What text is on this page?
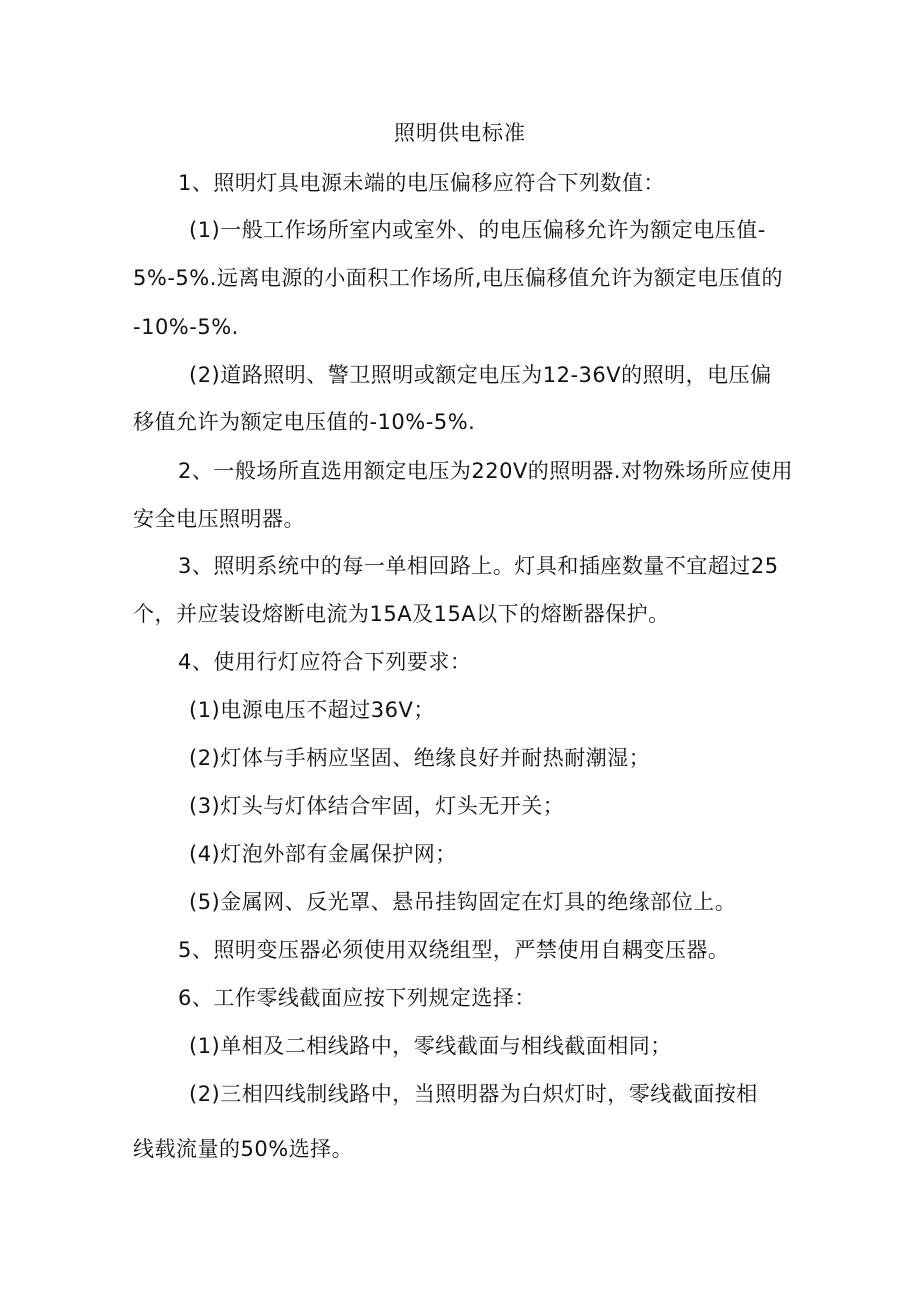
照明供电标准
1、照明灯具电源未端的电压偏移应符合下列数值：
(1)一般工作场所室内或室外、的电压偏移允许为额定电压值-
5%-5%.远离电源的小面积工作场所,电压偏移值允许为额定电压值的
-10%-5%.
(2)道路照明、警卫照明或额定电压为12-36V的照明，电压偏
移值允许为额定电压值的-10%-5%.
2、一般场所直选用额定电压为220V的照明器.对物殊场所应使用
安全电压照明器。
3、照明系统中的每一单相回路上。灯具和插座数量不宜超过25
个，并应装设熔断电流为15A及15A以下的熔断器保护。
4、使用行灯应符合下列要求：
(1)电源电压不超过36V；
(2)灯体与手柄应坚固、绝缘良好并耐热耐潮湿；
(3)灯头与灯体结合牢固，灯头无开关；
(4)灯泡外部有金属保护网；
(5)金属网、反光罩、悬吊挂钩固定在灯具的绝缘部位上。
5、照明变压器必须使用双绕组型，严禁使用自耦变压器。
6、工作零线截面应按下列规定选择：
(1)单相及二相线路中，零线截面与相线截面相同；
(2)三相四线制线路中，当照明器为白炽灯时，零线截面按相
线载流量的50%选择。
